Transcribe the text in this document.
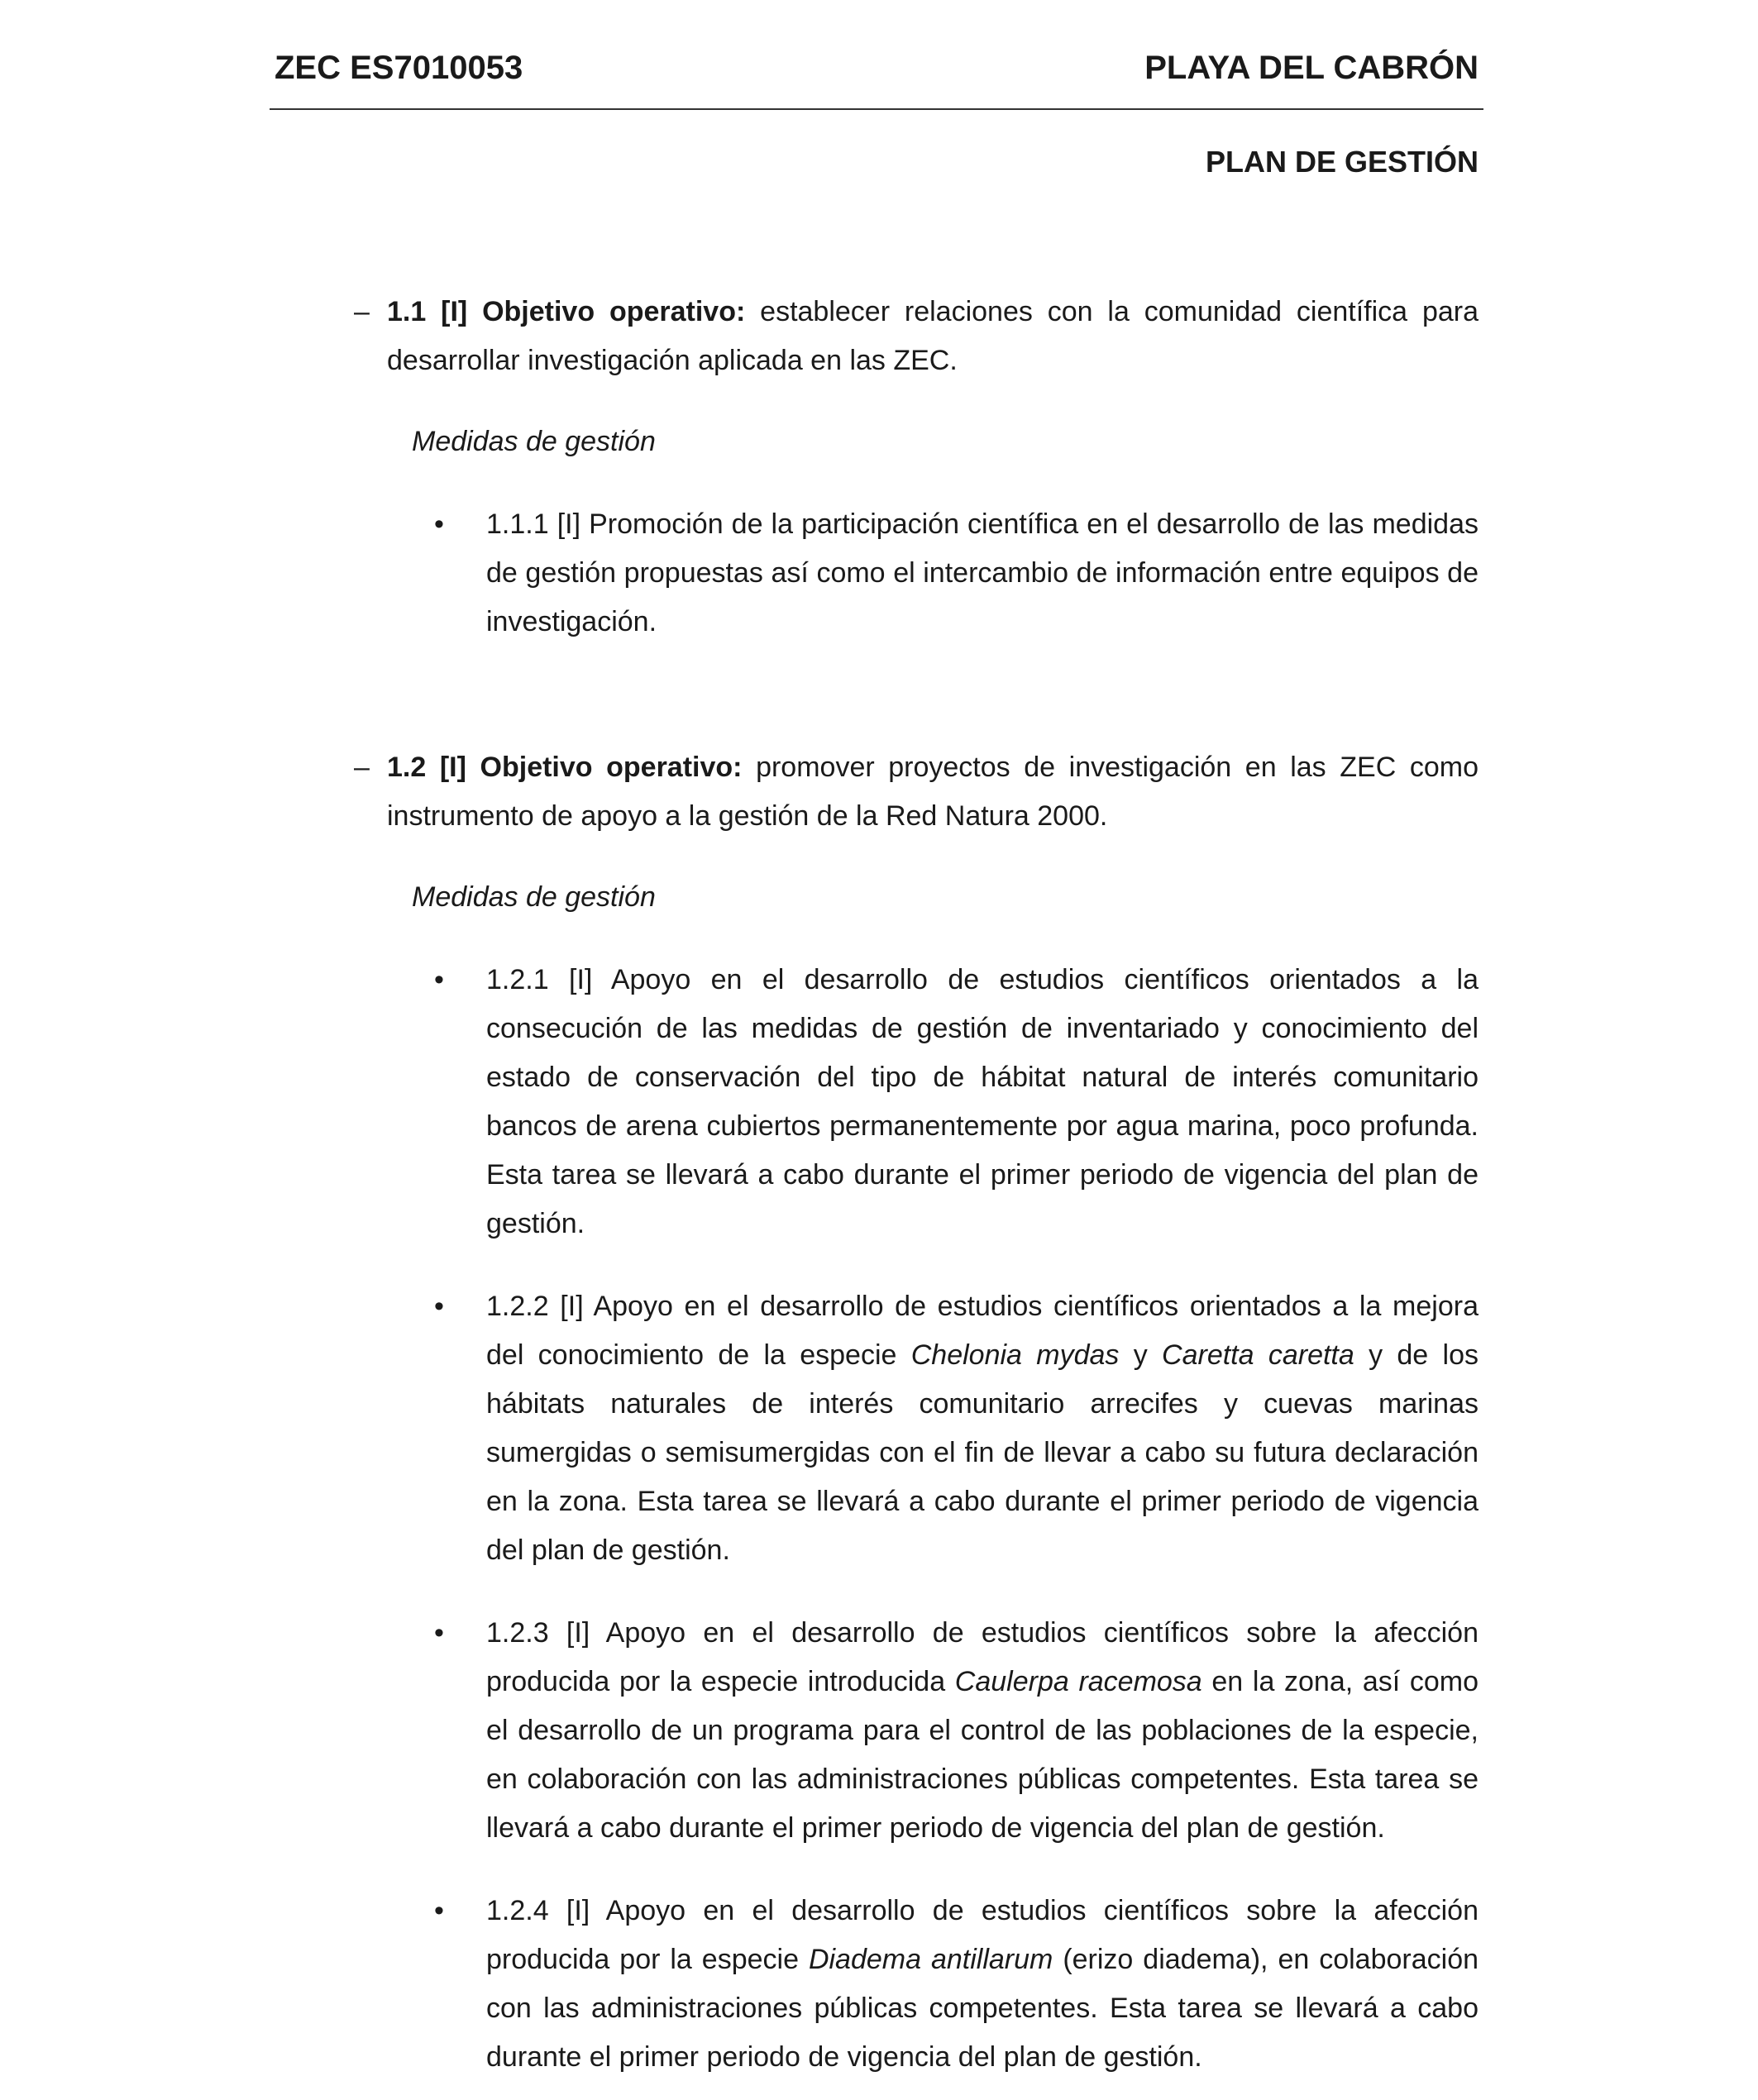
ZEC ES7010053	PLAYA DEL CABRÓN
PLAN DE GESTIÓN
– 1.1 [I] Objetivo operativo: establecer relaciones con la comunidad científica para desarrollar investigación aplicada en las ZEC.
Medidas de gestión
• 1.1.1 [I] Promoción de la participación científica en el desarrollo de las medidas de gestión propuestas así como el intercambio de información entre equipos de investigación.
– 1.2 [I] Objetivo operativo: promover proyectos de investigación en las ZEC como instrumento de apoyo a la gestión de la Red Natura 2000.
Medidas de gestión
• 1.2.1 [I] Apoyo en el desarrollo de estudios científicos orientados a la consecución de las medidas de gestión de inventariado y conocimiento del estado de conservación del tipo de hábitat natural de interés comunitario bancos de arena cubiertos permanentemente por agua marina, poco profunda. Esta tarea se llevará a cabo durante el primer periodo de vigencia del plan de gestión.
• 1.2.2 [I] Apoyo en el desarrollo de estudios científicos orientados a la mejora del conocimiento de la especie Chelonia mydas y Caretta caretta y de los hábitats naturales de interés comunitario arrecifes y cuevas marinas sumergidas o semisumergidas con el fin de llevar a cabo su futura declaración en la zona. Esta tarea se llevará a cabo durante el primer periodo de vigencia del plan de gestión.
• 1.2.3 [I] Apoyo en el desarrollo de estudios científicos sobre la afección producida por la especie introducida Caulerpa racemosa en la zona, así como el desarrollo de un programa para el control de las poblaciones de la especie, en colaboración con las administraciones públicas competentes. Esta tarea se llevará a cabo durante el primer periodo de vigencia del plan de gestión.
• 1.2.4 [I] Apoyo en el desarrollo de estudios científicos sobre la afección producida por la especie Diadema antillarum (erizo diadema), en colaboración con las administraciones públicas competentes. Esta tarea se llevará a cabo durante el primer periodo de vigencia del plan de gestión.
